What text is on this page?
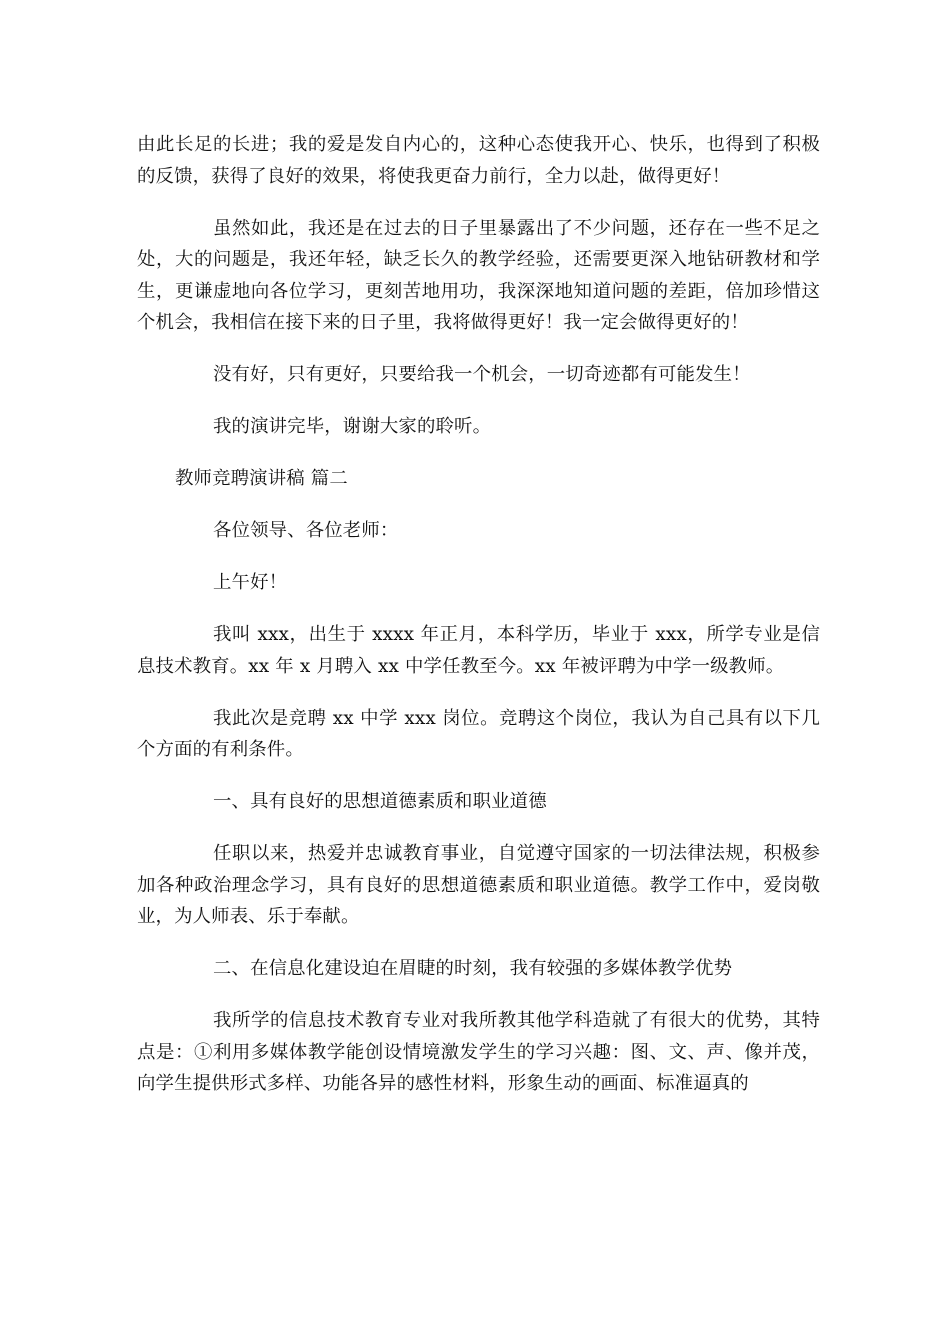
由此长足的长进；我的爱是发自内心的，这种心态使我开心、快乐，也得到了积极的反馈，获得了良好的效果，将使我更奋力前行，全力以赴，做得更好！

虽然如此，我还是在过去的日子里暴露出了不少问题，还存在一些不足之处，大的问题是，我还年轻，缺乏长久的教学经验，还需要更深入地钻研教材和学生，更谦虚地向各位学习，更刻苦地用功，我深深地知道问题的差距，倍加珍惜这个机会，我相信在接下来的日子里，我将做得更好！我一定会做得更好的！

没有好，只有更好，只要给我一个机会，一切奇迹都有可能发生！

我的演讲完毕，谢谢大家的聆听。

教师竞聘演讲稿 篇二

各位领导、各位老师：

上午好！

我叫 xxx，出生于 xxxx 年正月，本科学历，毕业于 xxx，所学专业是信息技术教育。xx 年 x 月聘入 xx 中学任教至今。xx 年被评聘为中学一级教师。

我此次是竞聘 xx 中学 xxx 岗位。竞聘这个岗位，我认为自己具有以下几个方面的有利条件。

一、具有良好的思想道德素质和职业道德

任职以来，热爱并忠诚教育事业，自觉遵守国家的一切法律法规，积极参加各种政治理念学习，具有良好的思想道德素质和职业道德。教学工作中，爱岗敬业，为人师表、乐于奉献。

二、在信息化建设迫在眉睫的时刻，我有较强的多媒体教学优势

我所学的信息技术教育专业对我所教其他学科造就了有很大的优势，其特点是：①利用多媒体教学能创设情境激发学生的学习兴趣：图、文、声、像并茂，向学生提供形式多样、功能各异的感性材料，形象生动的画面、标准逼真的
